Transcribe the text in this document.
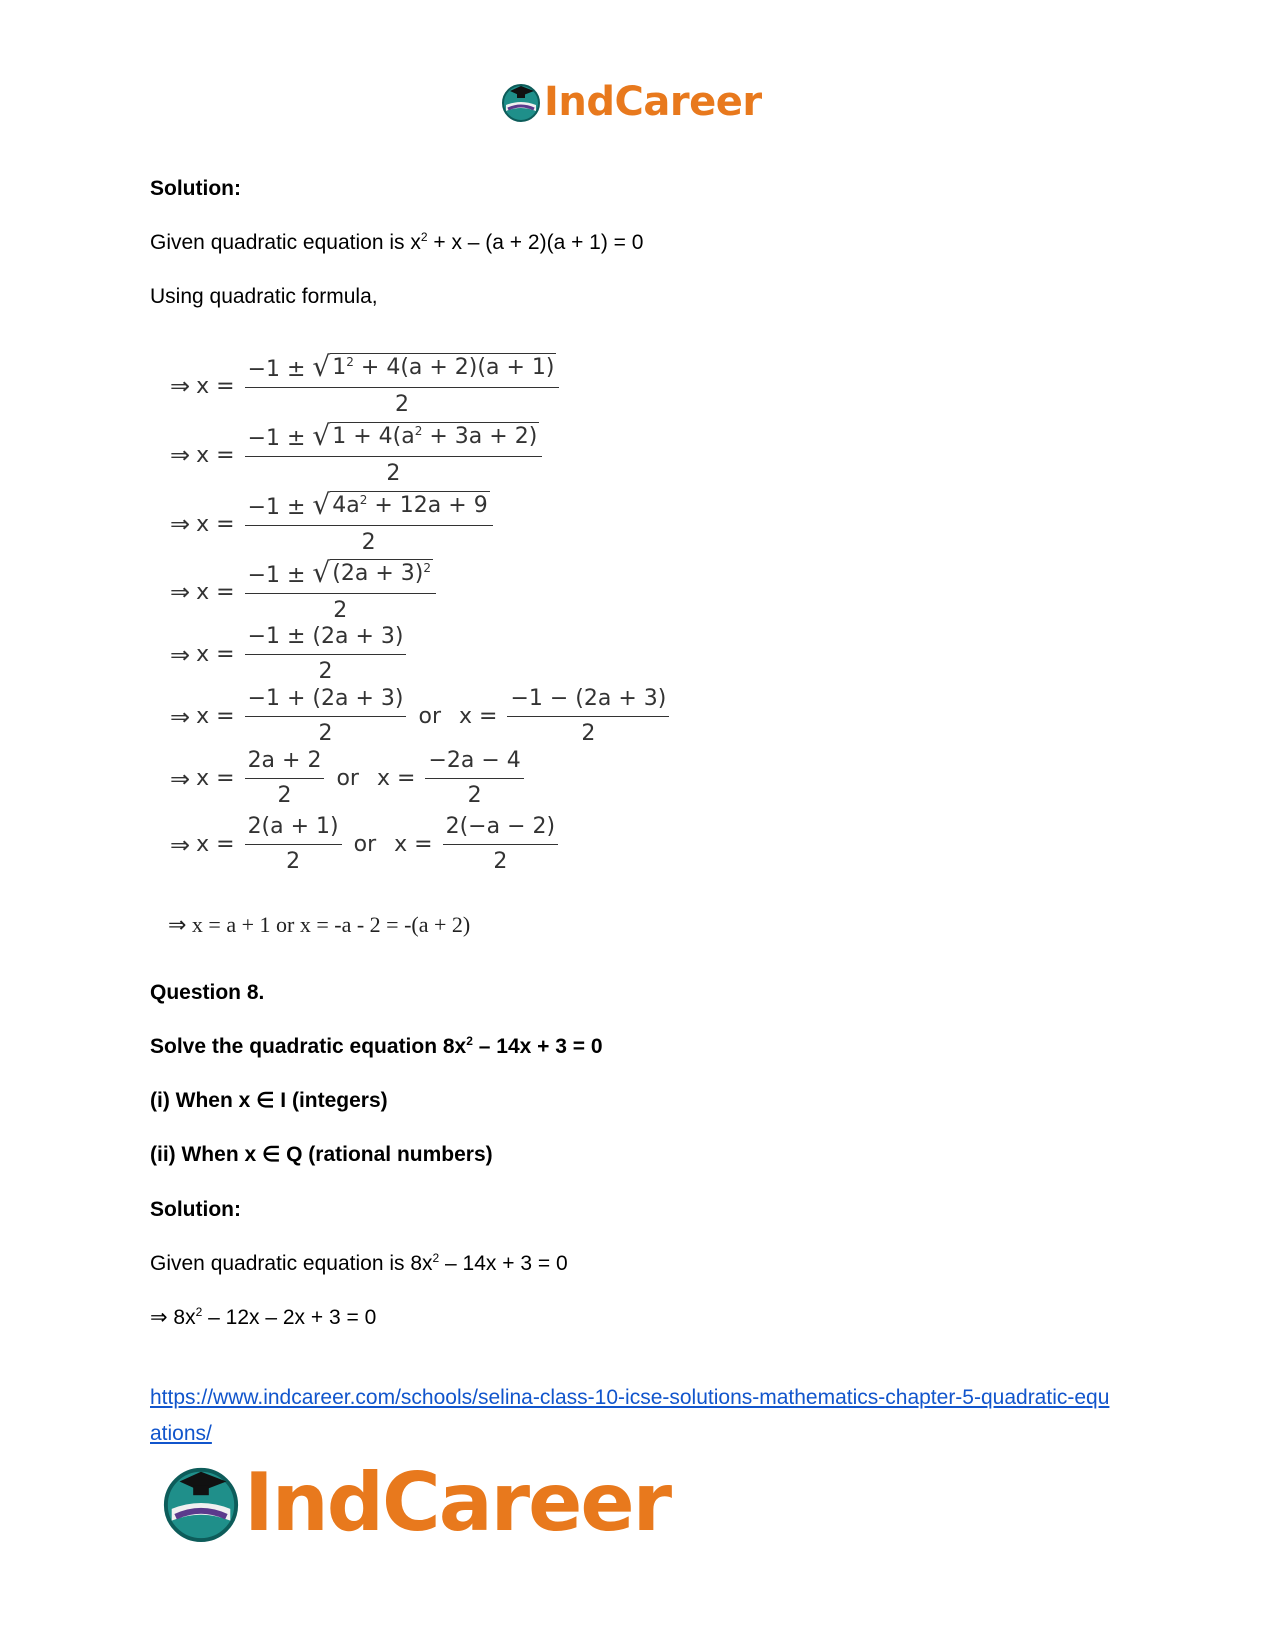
IndCareer
Solution:
Given quadratic equation is $x^2 + x - (a + 2)(a + 1) = 0$
Using quadratic formula,
⇒ $x = \frac{-1 \pm √ 1^2 + 4(a + 2)(a + 1)}{2}$
⇒ $x = \frac{-1 \pm √ 1 + 4(a^2 + 3a + 2)}{2}$
⇒ $x = \frac{-1 \pm √ 4a^2 + 12a + 9}{2}$
⇒ $x = \frac{-1 \pm √ (2a + 3)^2}{2}$
⇒ $x = \frac{-1 \pm (2a + 3)}{2}$
⇒ $x = \frac{-1 + (2a + 3)}{2}$ or $x = \frac{-1 - (2a + 3)}{2}$
⇒ $x = \frac{2a + 2}{2}$ or $x = \frac{-2a - 4}{2}$
⇒ $x = \frac{2(a + 1)}{2}$ or $x = \frac{2(-a - 2)}{2}$
⇒ x = a + 1 or x = -a - 2 = -(a + 2)
Question 8.
Solve the quadratic equation $8x^2 - 14x + 3 = 0$
(i) When x ∈ I (integers)
(ii) When x ∈ Q (rational numbers)
Solution:
Given quadratic equation is $8x^2 - 14x + 3 = 0$
⇒ $8x^2 - 12x - 2x + 3 = 0$
https://www.indcareer.com/schools/selina-class-10-icse-solutions-mathematics-chapter-5-quadratic-equations/
IndCareer
